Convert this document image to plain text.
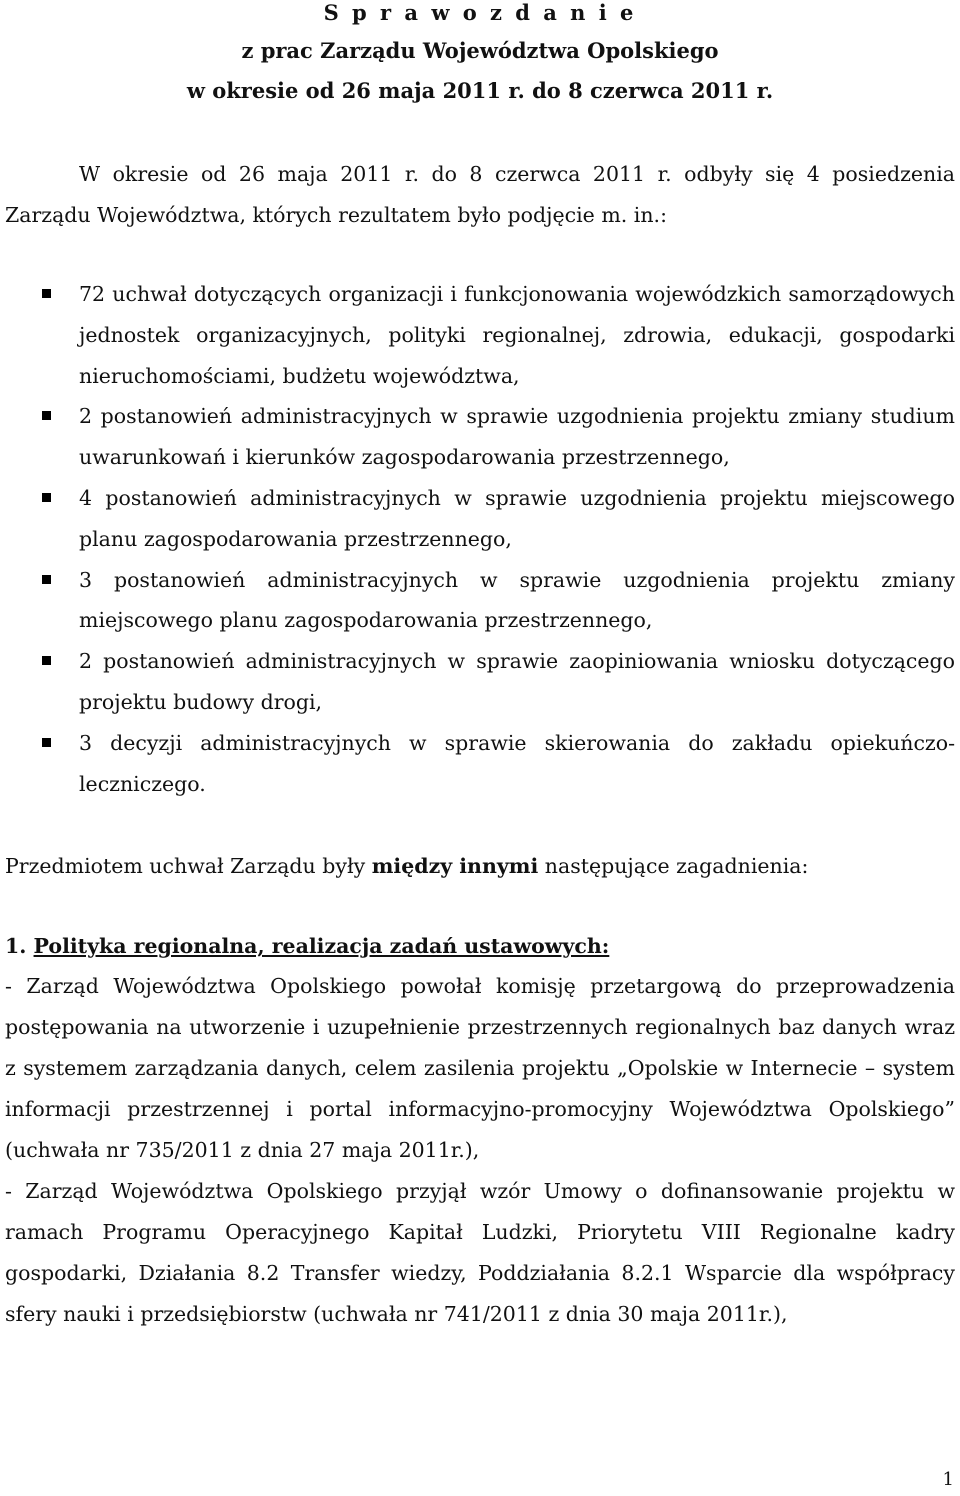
S p r a w o z d a n i e
z prac Zarządu Województwa Opolskiego
w okresie od 26 maja 2011 r. do 8 czerwca 2011 r.
W okresie od 26 maja 2011 r. do 8 czerwca 2011 r. odbyły się 4 posiedzenia Zarządu Województwa, których rezultatem było podjęcie m. in.:
72 uchwał dotyczących organizacji i funkcjonowania wojewódzkich samorządowych jednostek organizacyjnych, polityki regionalnej, zdrowia, edukacji, gospodarki nieruchomościami, budżetu województwa,
2 postanowień administracyjnych w sprawie uzgodnienia projektu zmiany studium uwarunkowań i kierunków zagospodarowania przestrzennego,
4 postanowień administracyjnych w sprawie uzgodnienia projektu miejscowego planu zagospodarowania przestrzennego,
3 postanowień administracyjnych w sprawie uzgodnienia projektu zmiany miejscowego planu zagospodarowania przestrzennego,
2 postanowień administracyjnych w sprawie zaopiniowania wniosku dotyczącego projektu budowy drogi,
3 decyzji administracyjnych w sprawie skierowania do zakładu opiekuńczo-leczniczego.
Przedmiotem uchwał Zarządu były między innymi następujące zagadnienia:
1. Polityka regionalna, realizacja zadań ustawowych:

- Zarząd Województwa Opolskiego powołał komisję przetargową do przeprowadzenia postępowania na utworzenie i uzupełnienie przestrzennych regionalnych baz danych wraz z systemem zarządzania danych, celem zasilenia projektu „Opolskie w Internecie – system informacji przestrzennej i portal informacyjno-promocyjny Województwa Opolskiego” (uchwała nr 735/2011 z dnia 27 maja 2011r.),

- Zarząd Województwa Opolskiego przyjął wzór Umowy o dofinansowanie projektu w ramach Programu Operacyjnego Kapitał Ludzki, Priorytetu VIII Regionalne kadry gospodarki, Działania 8.2 Transfer wiedzy, Poddziałania 8.2.1 Wsparcie dla współpracy sfery nauki i przedsiębiorstw (uchwała nr 741/2011 z dnia 30 maja 2011r.),

1
